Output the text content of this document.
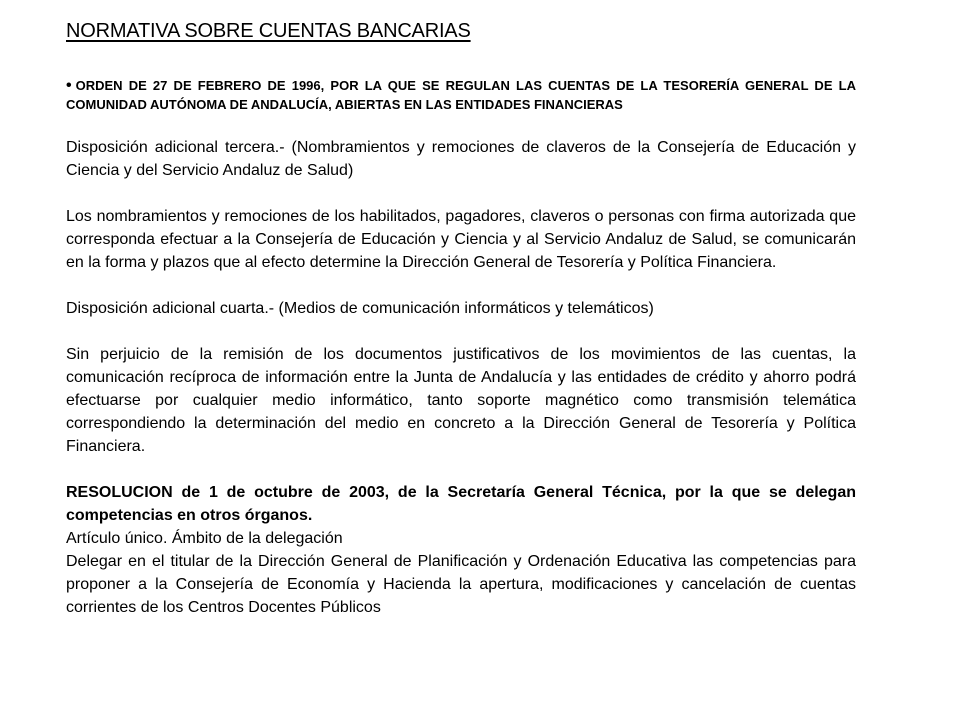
NORMATIVA SOBRE CUENTAS BANCARIAS

• ORDEN DE 27 DE FEBRERO DE 1996, POR LA QUE SE REGULAN LAS CUENTAS DE LA TESORERÍA GENERAL DE LA COMUNIDAD AUTÓNOMA DE ANDALUCÍA, ABIERTAS EN LAS ENTIDADES FINANCIERAS

Disposición adicional tercera.- (Nombramientos y remociones de claveros de la Consejería de Educación y Ciencia y del Servicio Andaluz de Salud)

Los nombramientos y remociones de los habilitados, pagadores, claveros o personas con firma autorizada que corresponda efectuar a la Consejería de Educación y Ciencia y al Servicio Andaluz de Salud, se comunicarán en la forma y plazos que al efecto determine la Dirección General de Tesorería y Política Financiera.

Disposición adicional cuarta.- (Medios de comunicación informáticos y telemáticos)

Sin perjuicio de la remisión de los documentos justificativos de los movimientos de las cuentas, la comunicación recíproca de información entre la Junta de Andalucía y las entidades de crédito y ahorro podrá efectuarse por cualquier medio informático, tanto soporte magnético como transmisión telemática correspondiendo la determinación del medio en concreto a la Dirección General de Tesorería y Política Financiera.

RESOLUCION de 1 de octubre de 2003, de la Secretaría General Técnica, por la que se delegan competencias en otros órganos.

Artículo único. Ámbito de la delegación

Delegar en el titular de la Dirección General de Planificación y Ordenación Educativa las competencias para proponer a la Consejería de Economía y Hacienda la apertura, modificaciones y cancelación de cuentas corrientes de los Centros Docentes Públicos
